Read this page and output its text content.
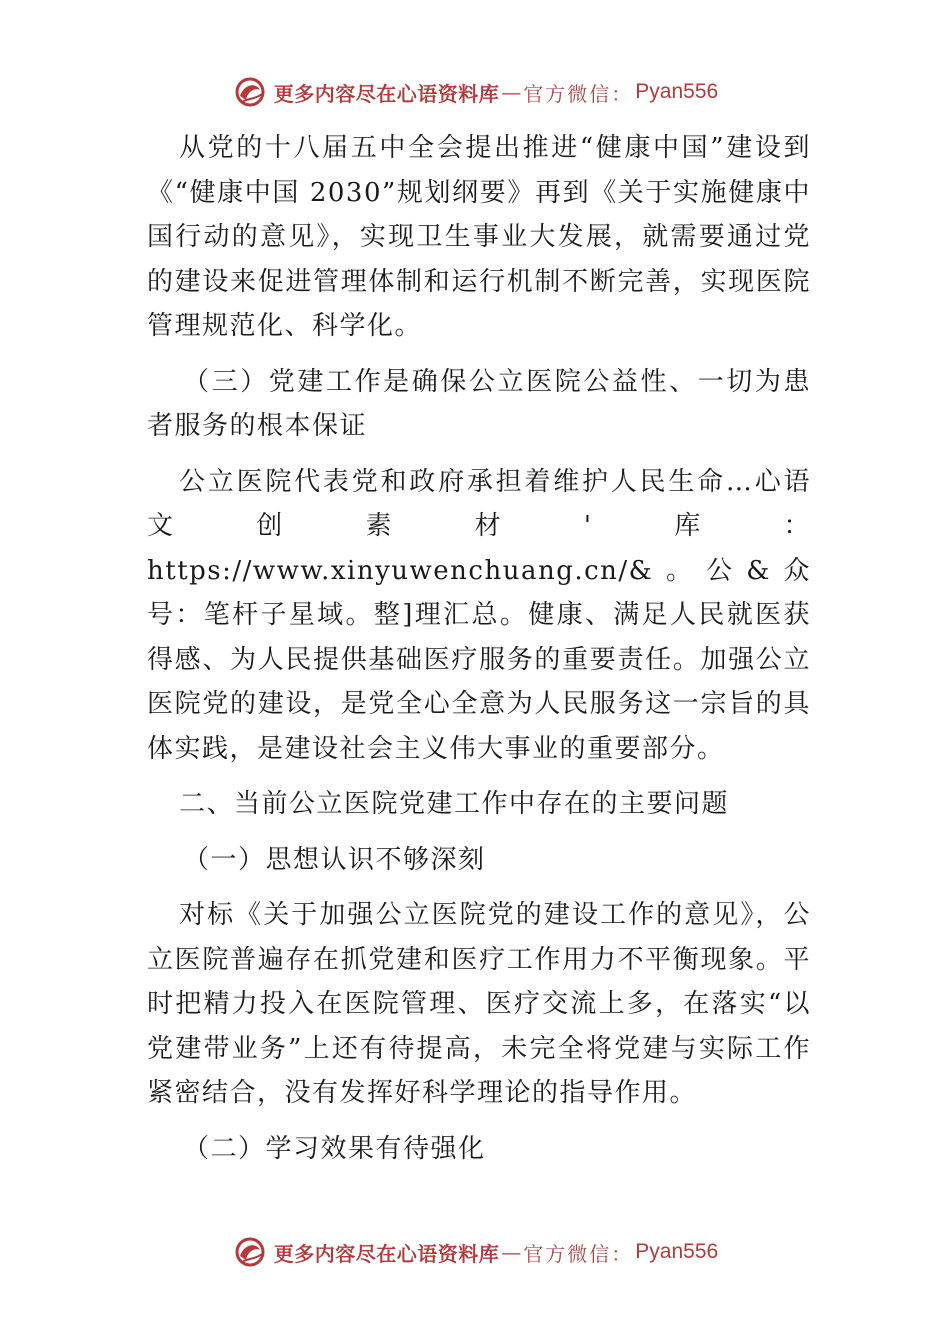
更多内容尽在心语资料库 — 官方微信： Pyan556

从党的十八届五中全会提出推进“健康中国”建设到《“健康中国 2030”规划纲要》再到《关于实施健康中国行动的意见》，实现卫生事业大发展，就需要通过党的建设来促进管理体制和运行机制不断完善，实现医院管理规范化、科学化。

（三）党建工作是确保公立医院公益性、一切为患者服务的根本保证

公立医院代表党和政府承担着维护人民生命…心语文创素材'库：https://www.xinyuwenchuang.cn/&。公&众号：笔杆子星域。整]理汇总。健康、满足人民就医获得感、为人民提供基础医疗服务的重要责任。加强公立医院党的建设，是党全心全意为人民服务这一宗旨的具体实践，是建设社会主义伟大事业的重要部分。

二、当前公立医院党建工作中存在的主要问题

（一）思想认识不够深刻

对标《关于加强公立医院党的建设工作的意见》，公立医院普遍存在抓党建和医疗工作用力不平衡现象。平时把精力投入在医院管理、医疗交流上多，在落实“以党建带业务”上还有待提高，未完全将党建与实际工作紧密结合，没有发挥好科学理论的指导作用。

（二）学习效果有待强化

更多内容尽在心语资料库 — 官方微信： Pyan556
